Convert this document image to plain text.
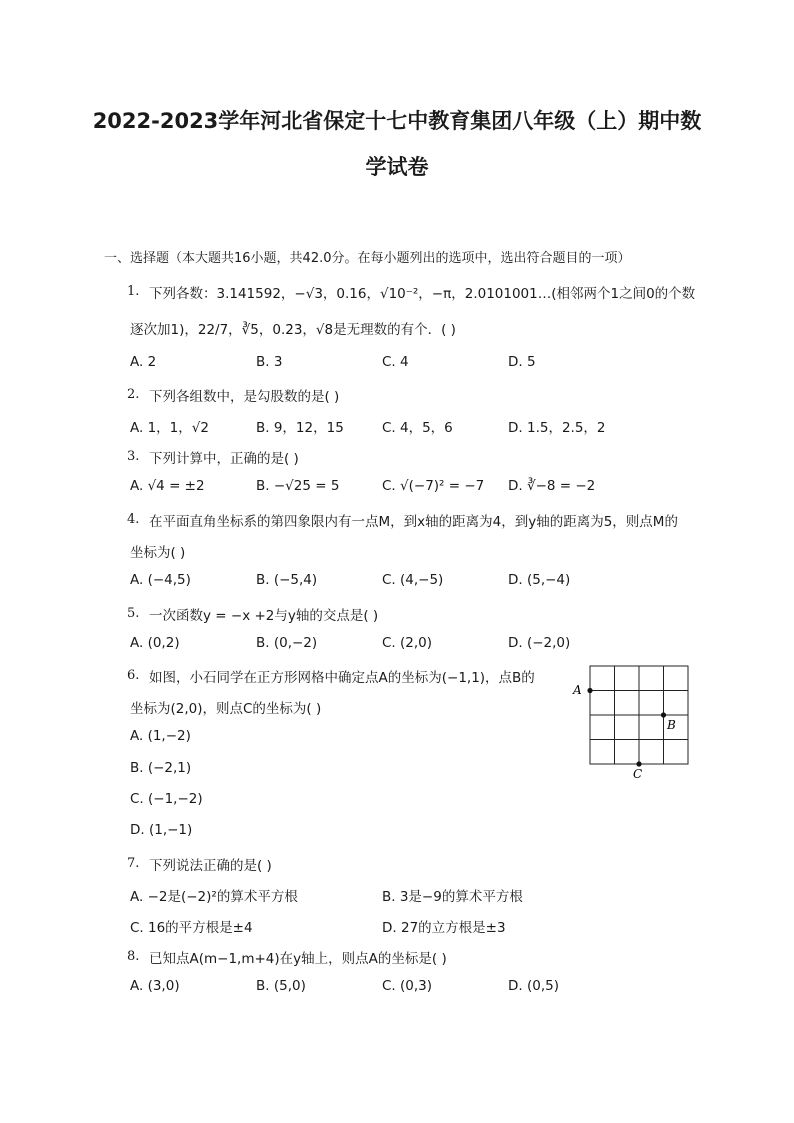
2022-2023学年河北省保定十七中教育集团八年级（上）期中数
学试卷
一、选择题（本大题共16小题，共42.0分。在每小题列出的选项中，选出符合题目的一项）
1. 下列各数：3.141592，−√3，0.16，√10⁻²，−π，2.0101001…(相邻两个1之间0的个数
逐次加1)，22/7，∛5，0.2̇3̇，√8是无理数的有个．( )
A. 2	B. 3	C. 4	D. 5
2. 下列各组数中，是勾股数的是( )
A. 1，1，√2	B. 9，12，15	C. 4，5，6	D. 1.5，2.5，2
3. 下列计算中，正确的是( )
A. √4 = ±2	B. −√25 = 5	C. √(−7)² = −7 D. ∛−8 = −2
4. 在平面直角坐标系的第四象限内有一点M，到x轴的距离为4，到y轴的距离为5，则点M的
坐标为( )
A. (−4,5)	B. (−5,4)	C. (4,−5)	D. (5,−4)
5. 一次函数y = −x +2与y轴的交点是( )
A. (0,2)	B. (0,−2)	C. (2,0)	D. (−2,0)
6. 如图，小石同学在正方形网格中确定点A的坐标为(−1,1)，点B的
坐标为(2,0)，则点C的坐标为( )
A. (1,−2)
B. (−2,1)
C. (−1,−2)
D. (1,−1)
A
B
C
7. 下列说法正确的是( )
A. −2是(−2)²的算术平方根	B. 3是−9的算术平方根
C. 16的平方根是±4	D. 27的立方根是±3
8. 已知点A(m−1,m+4)在y轴上，则点A的坐标是( )
A. (3,0)	B. (5,0)	C. (0,3)	D. (0,5)
